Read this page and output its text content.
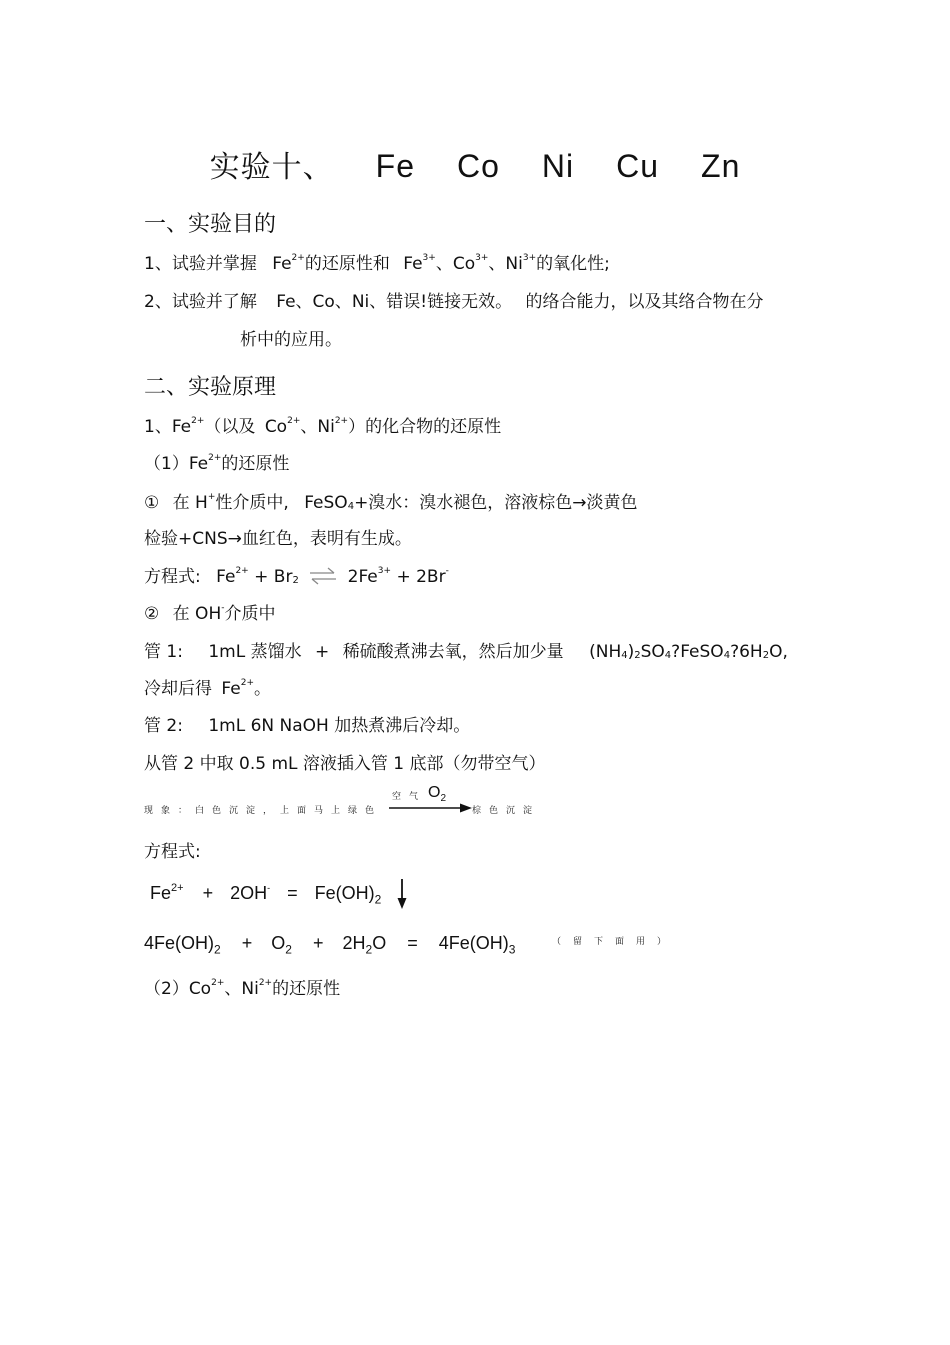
实验十、 Fe Co Ni Cu Zn
一、实验目的
1、试验并掌握 $Fe^{2+}$的还原性和 $Fe^{3+}$、$Co^{3+}$、$Ni^{3+}$的氧化性;
2、试验并了解 Fe、Co、Ni、错误!链接无效。 的络合能力，以及其络合物在分
析中的应用。
二、实验原理
1、$Fe^{2+}$（以及 $Co^{2+}$、$Ni^{2+}$）的化合物的还原性
$(1)Fe^{2+}$的还原性
① 在 H+性介质中, FeSO$_4$+溴水：溴水褪色，溶液棕色→淡黄色
检验+CNS→血红色，表明有生成。
方程式: $Fe^{2+} + Br_2$ ⇌ $2Fe^{3+} + 2Br^-$
② 在 OH-介质中
管 1: 1mL 蒸馏水 + 稀硫酸煮沸去氧，然后加少量 $(NH_4)_2SO_4?FeSO_4?6H_2O$,
冷却后得 $Fe^{2+}$。
管 2: 1mL 6N NaOH 加热煮沸后冷却。
从管 2 中取 0.5 mL 溶液插入管 1 底部（勿带空气）
现象：白色沉淀，上面马上绿色
空气 $O_2$
棕色沉淀
方程式:
$Fe^{2+} + 2OH^- = Fe(OH)_2$
$4Fe(OH)_2 + O_2 + 2H_2O = 4Fe(OH)_3$
（留下面用）
$(2)Co^{2+}$、$Ni^{2+}$的还原性
